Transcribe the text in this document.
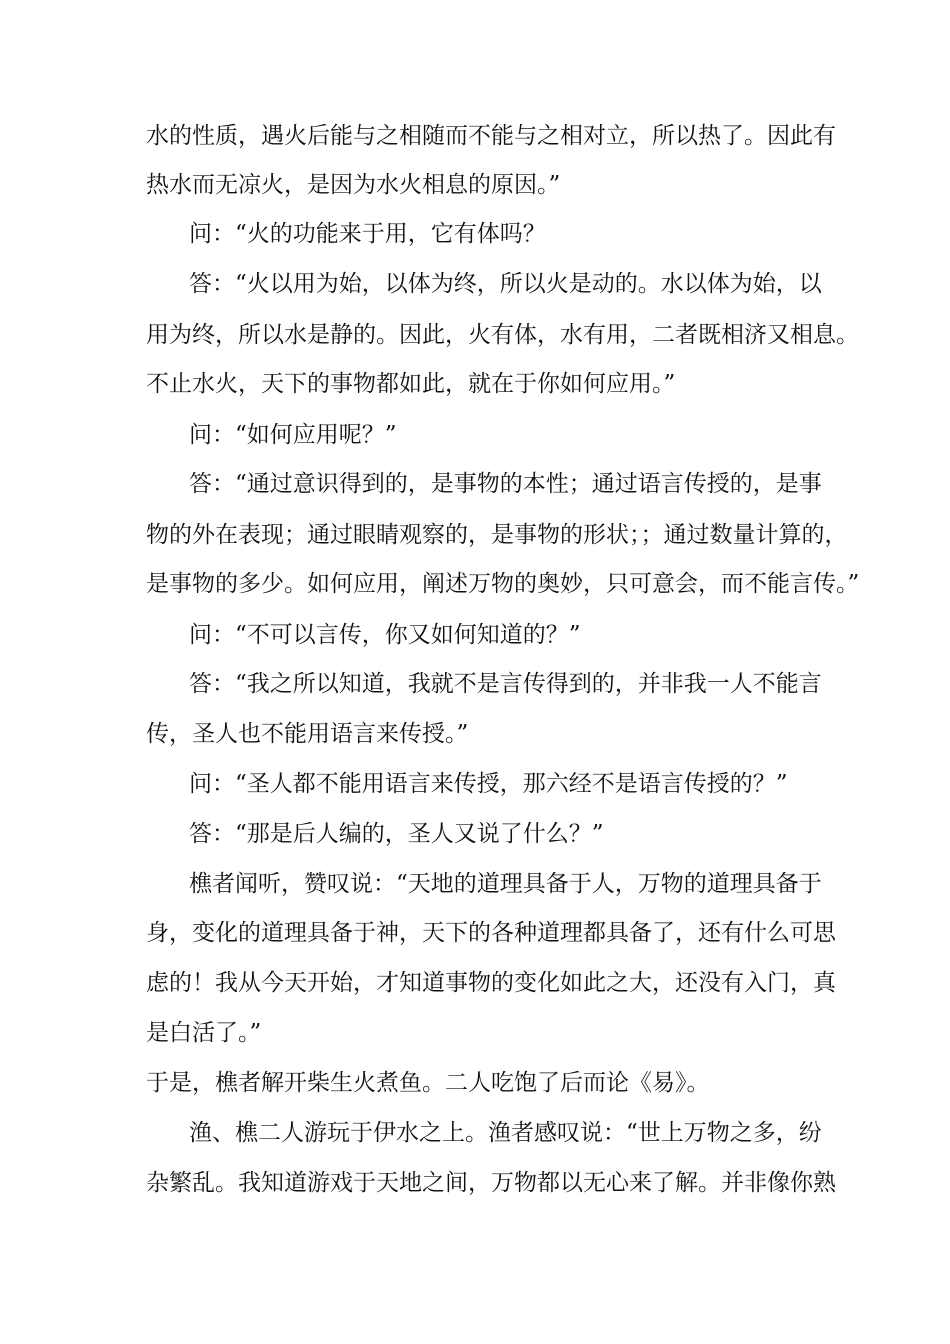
水的性质，遇火后能与之相随而不能与之相对立，所以热了。因此有
热水而无凉火，是因为水火相息的原因。”
问：“火的功能来于用，它有体吗？
答：“火以用为始，以体为终，所以火是动的。水以体为始，以
用为终，所以水是静的。因此，火有体，水有用，二者既相济又相息。
不止水火，天下的事物都如此，就在于你如何应用。”
问：“如何应用呢？”
答：“通过意识得到的，是事物的本性；通过语言传授的，是事
物的外在表现；通过眼睛观察的，是事物的形状；；通过数量计算的，
是事物的多少。如何应用，阐述万物的奥妙，只可意会，而不能言传。”
问：“不可以言传，你又如何知道的？”
答：“我之所以知道，我就不是言传得到的，并非我一人不能言
传，圣人也不能用语言来传授。”
问：“圣人都不能用语言来传授，那六经不是语言传授的？”
答：“那是后人编的，圣人又说了什么？”
樵者闻听，赞叹说：“天地的道理具备于人，万物的道理具备于
身，变化的道理具备于神，天下的各种道理都具备了，还有什么可思
虑的！我从今天开始，才知道事物的变化如此之大，还没有入门，真
是白活了。”
于是，樵者解开柴生火煮鱼。二人吃饱了后而论《易》。
渔、樵二人游玩于伊水之上。渔者感叹说：“世上万物之多，纷
杂繁乱。我知道游戏于天地之间，万物都以无心来了解。并非像你熟
